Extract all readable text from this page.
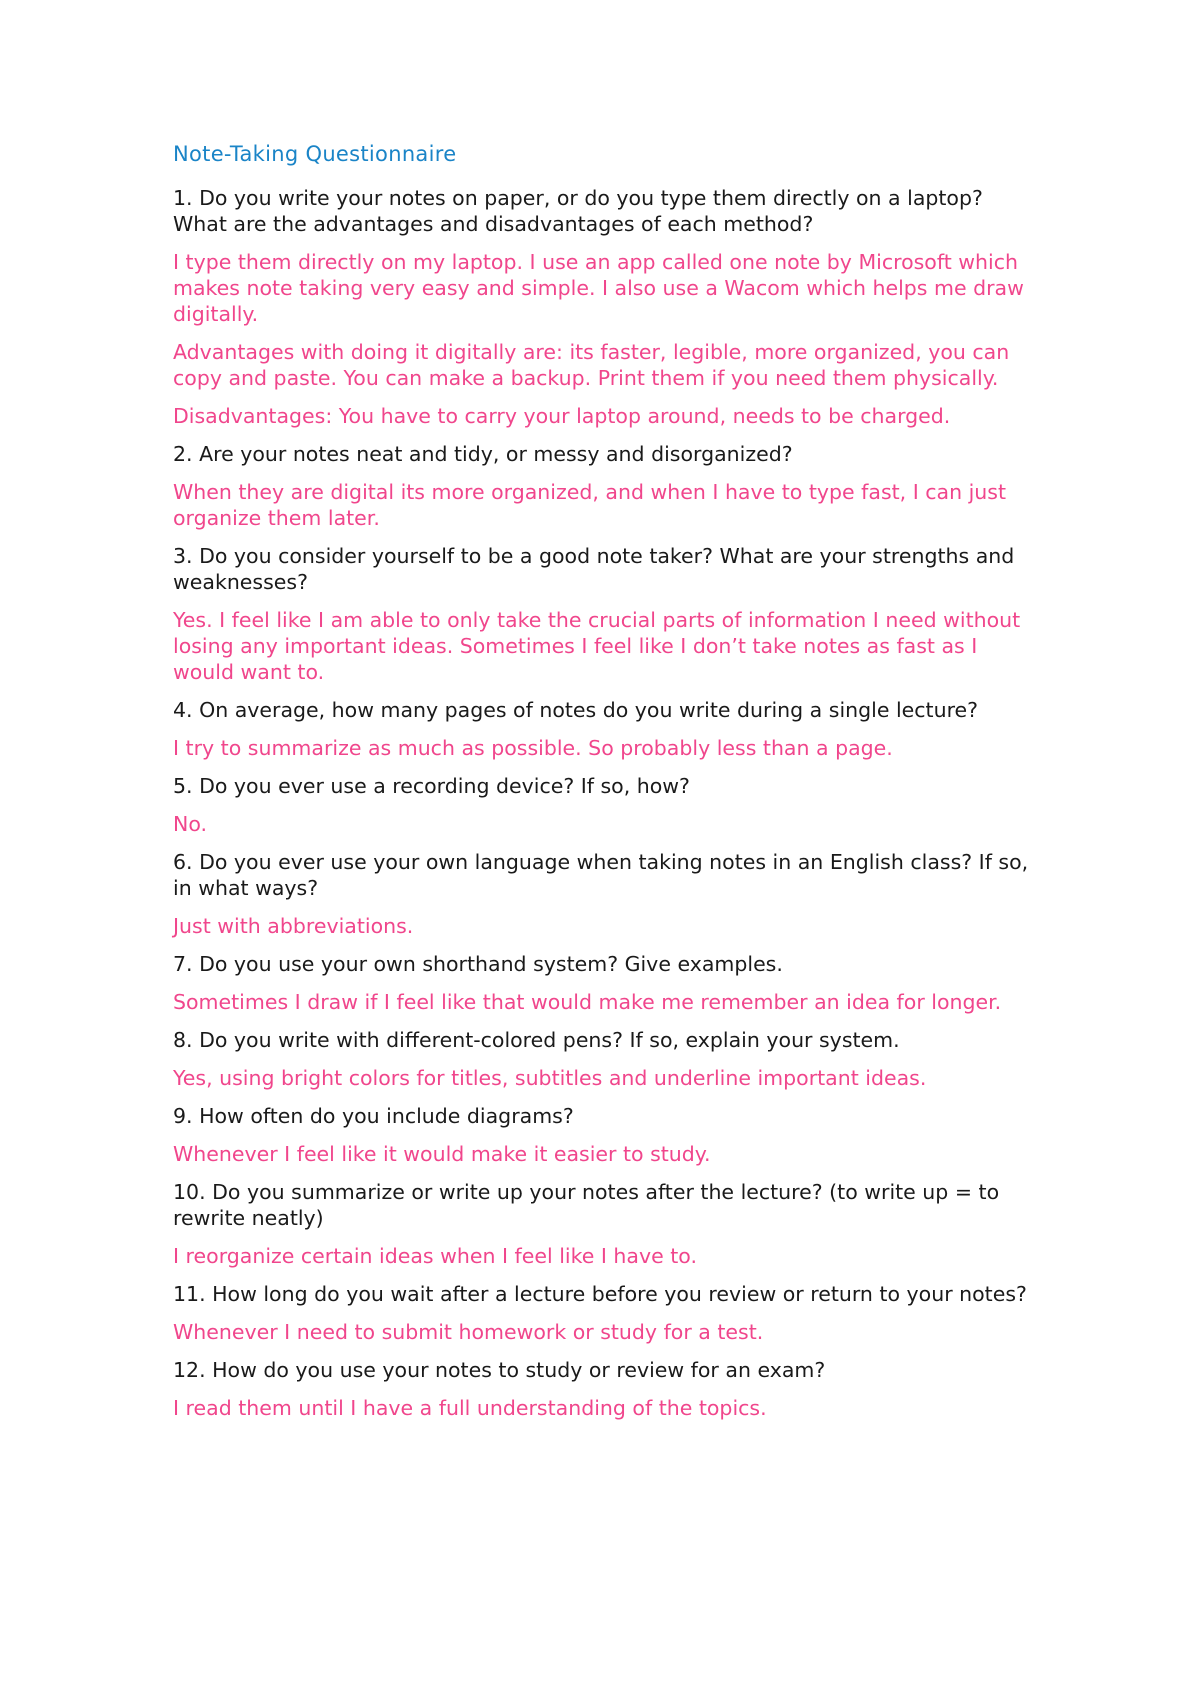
Note-Taking Questionnaire

1. Do you write your notes on paper, or do you type them directly on a laptop? What are the advantages and disadvantages of each method?

I type them directly on my laptop. I use an app called one note by Microsoft which makes note taking very easy and simple. I also use a Wacom which helps me draw digitally.

Advantages with doing it digitally are: its faster, legible, more organized, you can copy and paste. You can make a backup. Print them if you need them physically.

Disadvantages: You have to carry your laptop around, needs to be charged.

2. Are your notes neat and tidy, or messy and disorganized?

When they are digital its more organized, and when I have to type fast, I can just organize them later.

3. Do you consider yourself to be a good note taker? What are your strengths and weaknesses?

Yes. I feel like I am able to only take the crucial parts of information I need without losing any important ideas. Sometimes I feel like I don’t take notes as fast as I would want to.

4. On average, how many pages of notes do you write during a single lecture?

I try to summarize as much as possible. So probably less than a page.

5. Do you ever use a recording device? If so, how?

No.

6. Do you ever use your own language when taking notes in an English class? If so, in what ways?

Just with abbreviations.

7. Do you use your own shorthand system? Give examples.

Sometimes I draw if I feel like that would make me remember an idea for longer.

8. Do you write with different-colored pens? If so, explain your system.

Yes, using bright colors for titles, subtitles and underline important ideas.

9. How often do you include diagrams?

Whenever I feel like it would make it easier to study.

10. Do you summarize or write up your notes after the lecture? (to write up = to rewrite neatly)

I reorganize certain ideas when I feel like I have to.

11. How long do you wait after a lecture before you review or return to your notes?

Whenever I need to submit homework or study for a test.

12. How do you use your notes to study or review for an exam?

I read them until I have a full understanding of the topics.
